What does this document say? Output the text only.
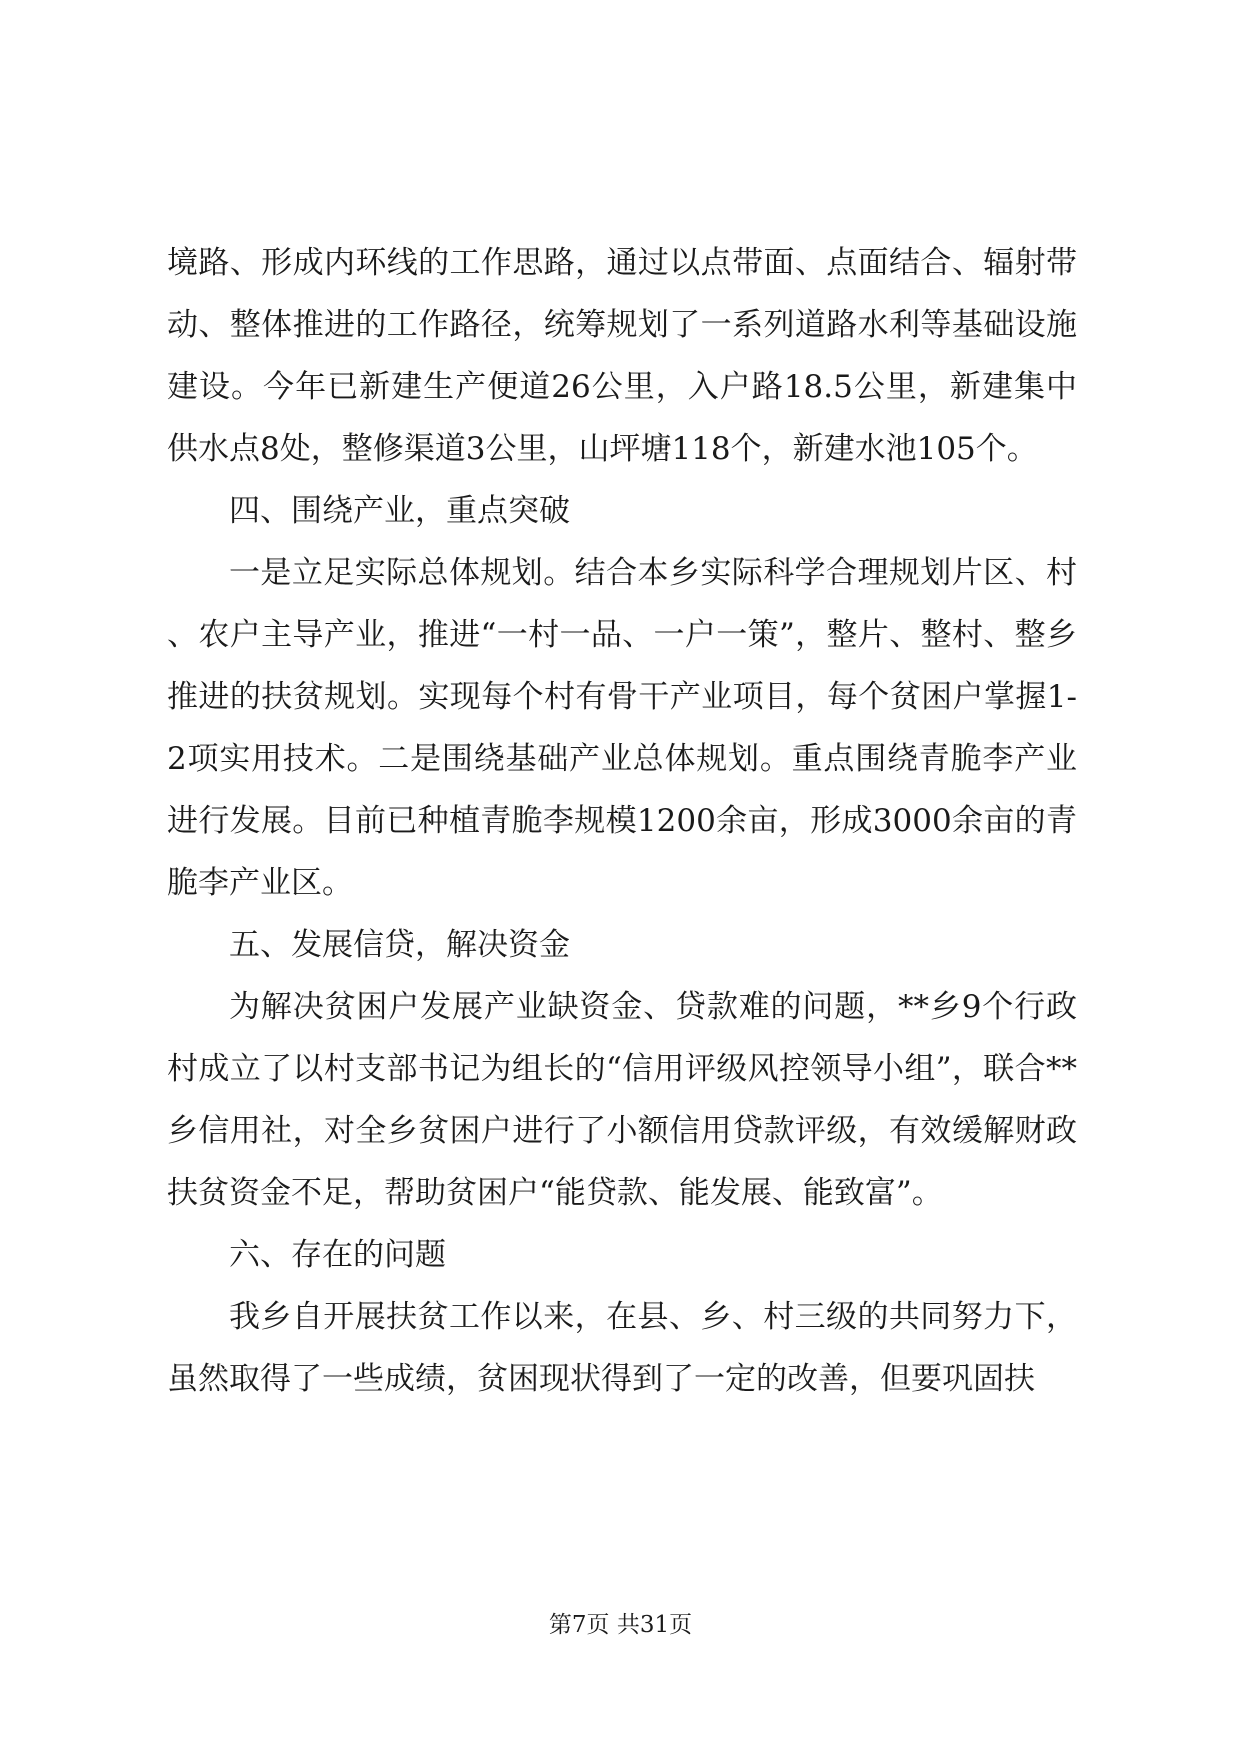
境路、形成内环线的工作思路，通过以点带面、点面结合、辐射带动、整体推进的工作路径，统筹规划了一系列道路水利等基础设施建设。今年已新建生产便道26公里，入户路18.5公里，新建集中供水点8处，整修渠道3公里，山坪塘118个，新建水池105个。

四、围绕产业，重点突破

一是立足实际总体规划。结合本乡实际科学合理规划片区、村、农户主导产业，推进“一村一品、一户一策”，整片、整村、整乡推进的扶贫规划。实现每个村有骨干产业项目，每个贫困户掌握1-2项实用技术。二是围绕基础产业总体规划。重点围绕青脆李产业进行发展。目前已种植青脆李规模1200余亩，形成3000余亩的青脆李产业区。

五、发展信贷，解决资金

为解决贫困户发展产业缺资金、贷款难的问题，**乡9个行政村成立了以村支部书记为组长的“信用评级风控领导小组”，联合**乡信用社，对全乡贫困户进行了小额信用贷款评级，有效缓解财政扶贫资金不足，帮助贫困户“能贷款、能发展、能致富”。

六、存在的问题

我乡自开展扶贫工作以来，在县、乡、村三级的共同努力下，虽然取得了一些成绩，贫困现状得到了一定的改善，但要巩固扶

第7页 共31页
